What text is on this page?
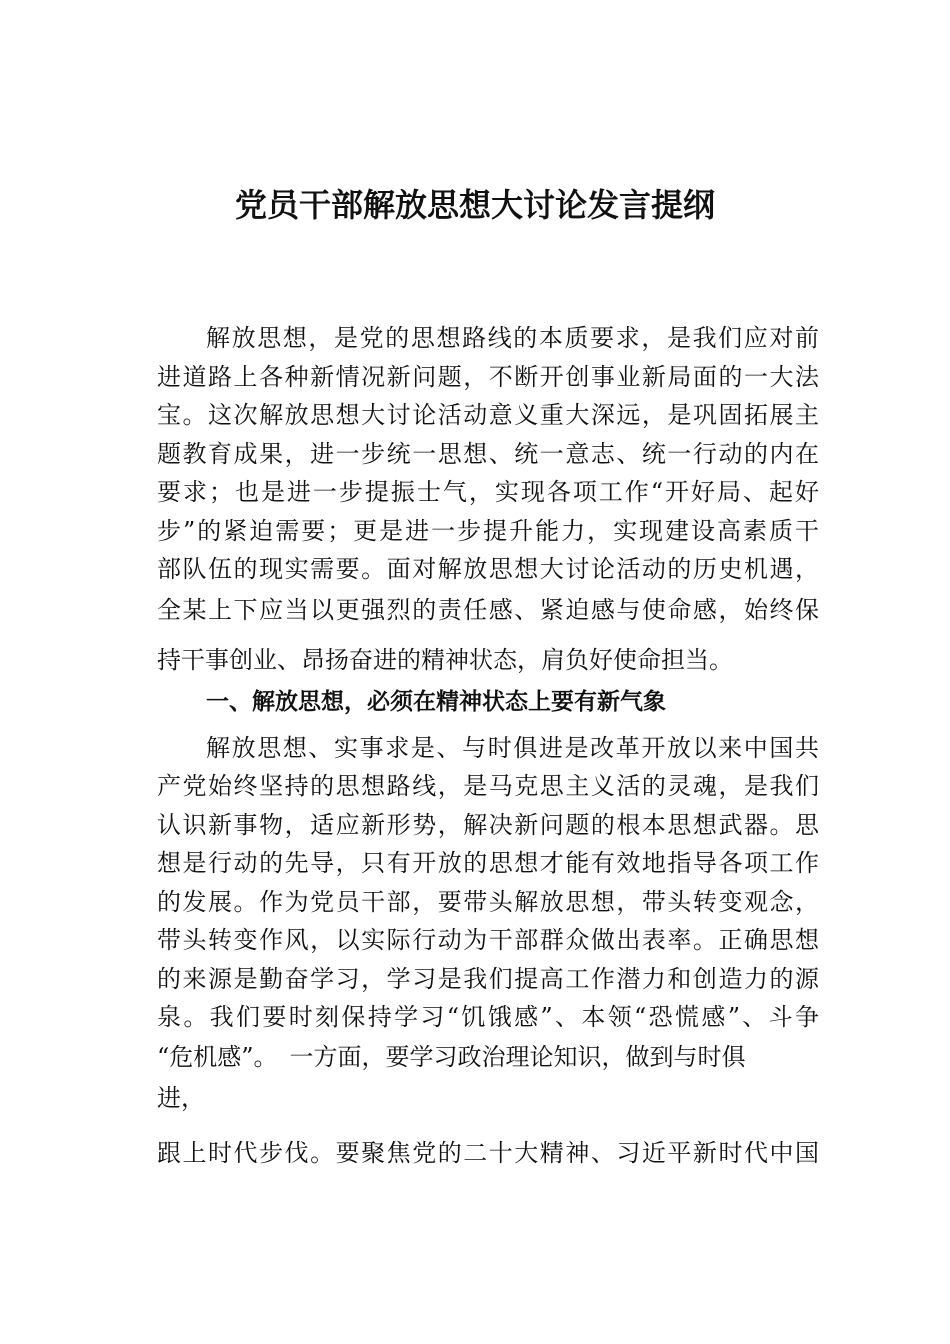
党员干部解放思想大讨论发言提纲
解放思想，是党的思想路线的本质要求，是我们应对前
进道路上各种新情况新问题，不断开创事业新局面的一大法
宝。这次解放思想大讨论活动意义重大深远，是巩固拓展主
题教育成果，进一步统一思想、统一意志、统一行动的内在
要求；也是进一步提振士气，实现各项工作“开好局、起好
步”的紧迫需要；更是进一步提升能力，实现建设高素质干
部队伍的现实需要。面对解放思想大讨论活动的历史机遇，
全某上下应当以更强烈的责任感、紧迫感与使命感，始终保
持干事创业、昂扬奋进的精神状态，肩负好使命担当。
一、解放思想，必须在精神状态上要有新气象
解放思想、实事求是、与时俱进是改革开放以来中国共
产党始终坚持的思想路线，是马克思主义活的灵魂，是我们
认识新事物，适应新形势，解决新问题的根本思想武器。思
想是行动的先导，只有开放的思想才能有效地指导各项工作
的发展。作为党员干部，要带头解放思想，带头转变观念，
带头转变作风，以实际行动为干部群众做出表率。正确思想
的来源是勤奋学习，学习是我们提高工作潜力和创造力的源
泉。我们要时刻保持学习“饥饿感”、本领“恐慌感”、斗争
“危机感”。　一方面，要学习政治理论知识，做到与时俱
进，
跟上时代步伐。要聚焦党的二十大精神、习近平新时代中国
